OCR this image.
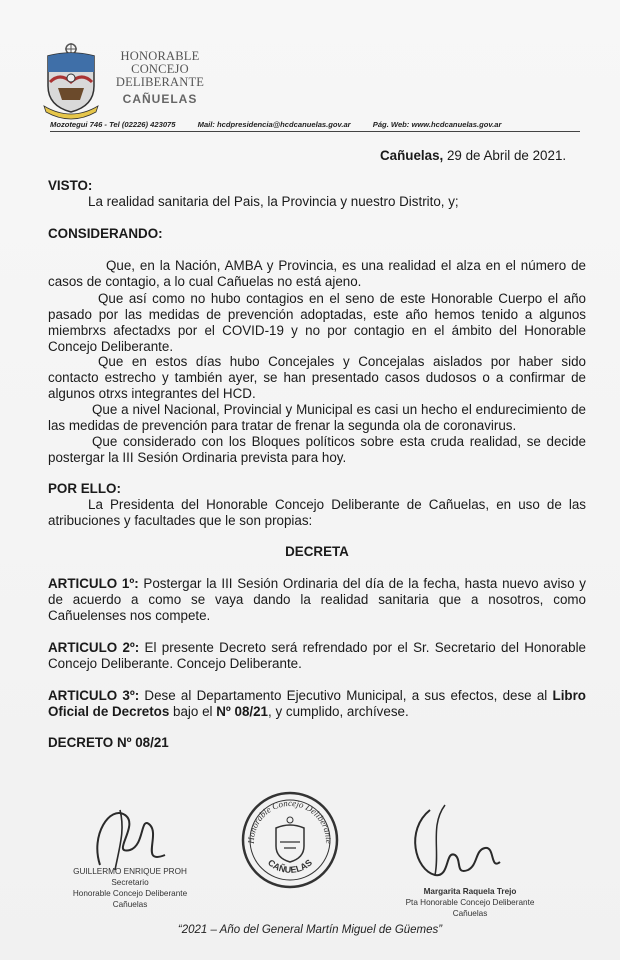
HONORABLE
CONCEJO
DELIBERANTE
CAÑUELAS
Mozotegui 746 - Tel (02226) 423075	Mail: hcdpresidencia@hcdcanuelas.gov.ar	Pág. Web: www.hcdcanuelas.gov.ar
Cañuelas, 29 de Abril de 2021.
VISTO:
La realidad sanitaria del Pais, la Provincia y nuestro Distrito, y;
CONSIDERANDO:
Que, en la Nación, AMBA y Provincia, es una realidad el alza en el número de casos de contagio, a lo cual Cañuelas no está ajeno.
Que así como no hubo contagios en el seno de este Honorable Cuerpo el año pasado por las medidas de prevención adoptadas, este año hemos tenido a algunos miembrxs afectadxs por el COVID-19 y no por contagio en el ámbito del Honorable Concejo Deliberante.
Que en estos días hubo Concejales y Concejalas aislados por haber sido contacto estrecho y también ayer, se han presentado casos dudosos o a confirmar de algunos otrxs integrantes del HCD.
Que a nivel Nacional, Provincial y Municipal es casi un hecho el endurecimiento de las medidas de prevención para tratar de frenar la segunda ola de coronavirus.
Que considerado con los Bloques políticos sobre esta cruda realidad, se decide postergar la III Sesión Ordinaria prevista para hoy.
POR ELLO:
La Presidenta del Honorable Concejo Deliberante de Cañuelas, en uso de las atribuciones y facultades que le son propias:
DECRETA
ARTICULO 1º: Postergar la III Sesión Ordinaria del día de la fecha, hasta nuevo aviso y de acuerdo a como se vaya dando la realidad sanitaria que a nosotros, como Cañuelenses nos compete.
ARTICULO 2º: El presente Decreto será refrendado por el Sr. Secretario del Honorable Concejo Deliberante. Concejo Deliberante.
ARTICULO 3º: Dese al Departamento Ejecutivo Municipal, a sus efectos, dese al Libro Oficial de Decretos bajo el Nº 08/21, y cumplido, archívese.
DECRETO Nº 08/21
GUILLERMO ENRIQUE PROH
Secretario
Honorable Concejo Deliberante
Cañuelas
Honorable Concejo Deliberante
CAÑUELAS
Margarita Raquela Trejo
Pta Honorable Concejo Deliberante
Cañuelas
“2021 – Año del General Martín Miguel de Güemes”
